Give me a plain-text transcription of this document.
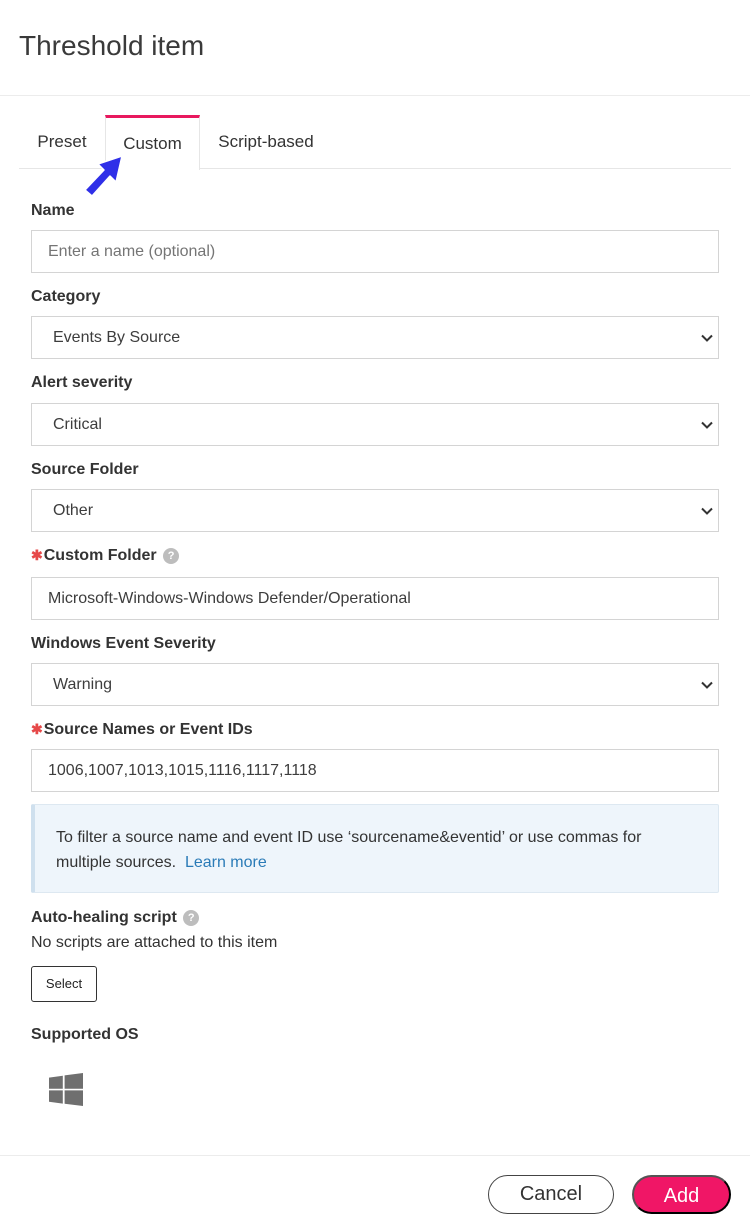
Threshold item
Preset	Custom	Script-based
Name
Enter a name (optional)
Category
Events By Source
Alert severity
Critical
Source Folder
Other
✱Custom Folder ?
Microsoft-Windows-Windows Defender/Operational
Windows Event Severity
Warning
✱Source Names or Event IDs
1006,1007,1013,1015,1116,1117,1118
To filter a source name and event ID use ‘sourcename&eventid’ or use commas for multiple sources. Learn more
Auto-healing script ?
No scripts are attached to this item
Select
Supported OS
Cancel	Add
